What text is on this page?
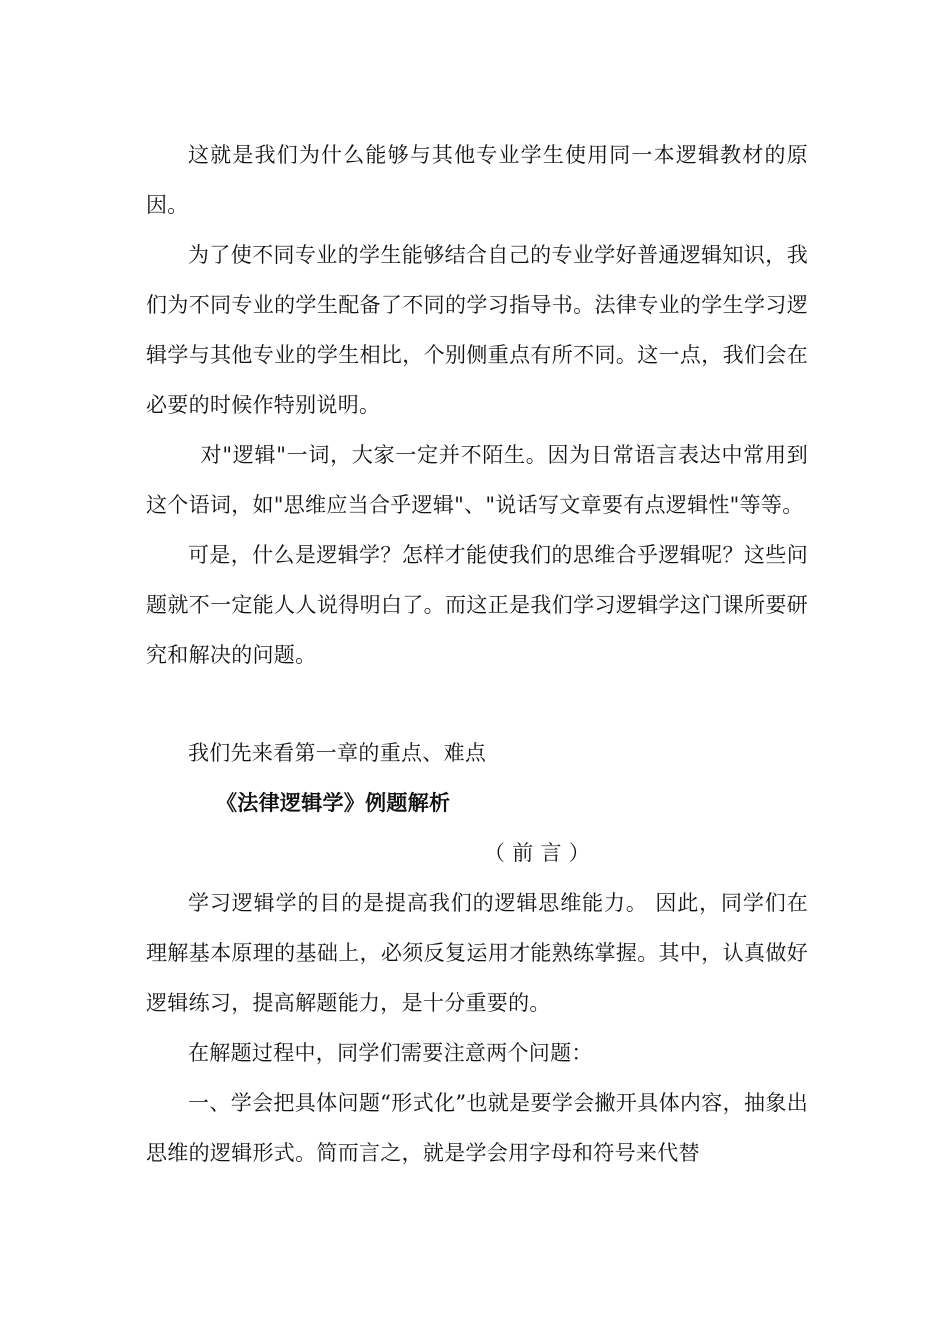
这就是我们为什么能够与其他专业学生使用同一本逻辑教材的原因。

为了使不同专业的学生能够结合自己的专业学好普通逻辑知识，我们为不同专业的学生配备了不同的学习指导书。法律专业的学生学习逻辑学与其他专业的学生相比，个别侧重点有所不同。这一点，我们会在必要的时候作特别说明。

对"逻辑"一词，大家一定并不陌生。因为日常语言表达中常用到这个语词，如"思维应当合乎逻辑"、"说话写文章要有点逻辑性"等等。

可是，什么是逻辑学？怎样才能使我们的思维合乎逻辑呢？这些问题就不一定能人人说得明白了。而这正是我们学习逻辑学这门课所要研究和解决的问题。

我们先来看第一章的重点、难点

《法律逻辑学》例题解析

（ 前 言 ）

学习逻辑学的目的是提高我们的逻辑思维能力。 因此，同学们在理解基本原理的基础上，必须反复运用才能熟练掌握。其中，认真做好逻辑练习，提高解题能力，是十分重要的。

在解题过程中，同学们需要注意两个问题：

一、学会把具体问题“形式化”也就是要学会撇开具体内容，抽象出思维的逻辑形式。简而言之，就是学会用字母和符号来代替
